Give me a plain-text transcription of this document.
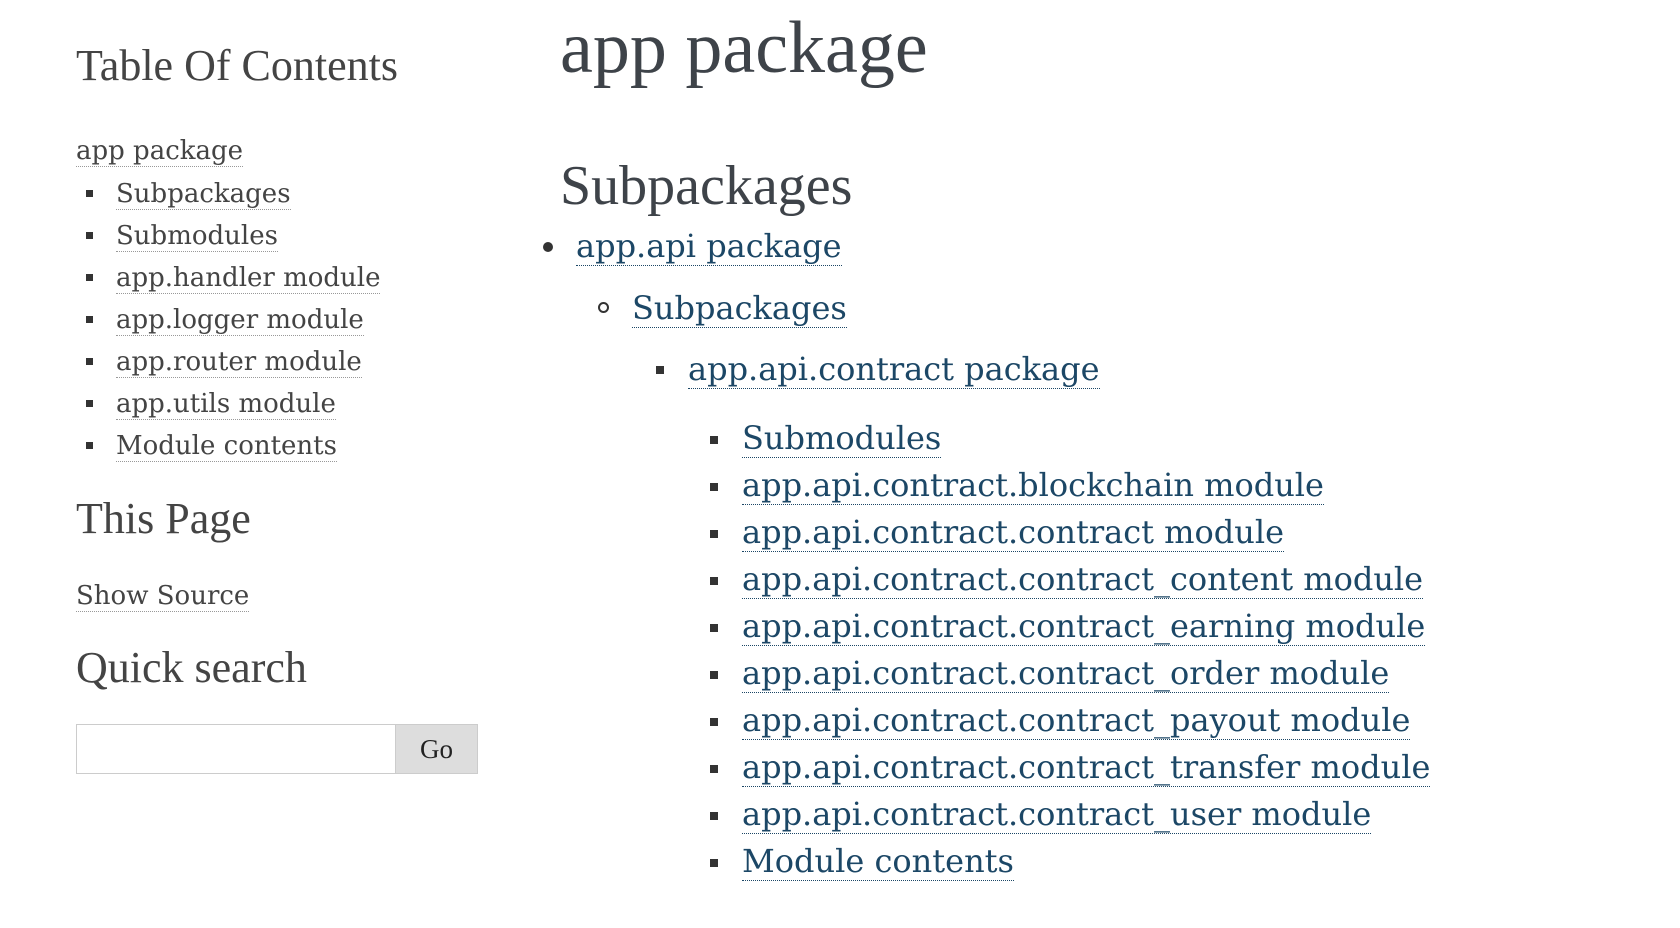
Table Of Contents
app package
Subpackages
Submodules
app.handler module
app.logger module
app.router module
app.utils module
Module contents
This Page
Show Source
Quick search
Go
app package
Subpackages
app.api package
Subpackages
app.api.contract package
Submodules
app.api.contract.blockchain module
app.api.contract.contract module
app.api.contract.contract_content module
app.api.contract.contract_earning module
app.api.contract.contract_order module
app.api.contract.contract_payout module
app.api.contract.contract_transfer module
app.api.contract.contract_user module
Module contents
